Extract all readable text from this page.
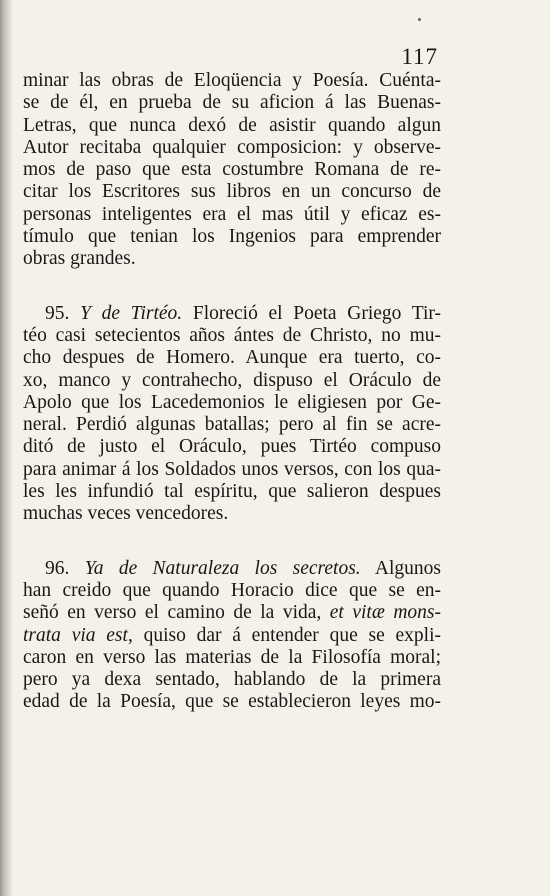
117
minar las obras de Eloqüencia y Poesía. Cuénta-
se de él, en prueba de su aficion á las Buenas-
Letras, que nunca dexó de asistir quando algun
Autor recitaba qualquier composicion: y observe-
mos de paso que esta costumbre Romana de re-
citar los Escritores sus libros en un concurso de
personas inteligentes era el mas útil y eficaz es-
tímulo que tenian los Ingenios para emprender
obras grandes.
95. Y de Tirtéo. Floreció el Poeta Griego Tir-
téo casi setecientos años ántes de Christo, no mu-
cho despues de Homero. Aunque era tuerto, co-
xo, manco y contrahecho, dispuso el Oráculo de
Apolo que los Lacedemonios le eligiesen por Ge-
neral. Perdió algunas batallas; pero al fin se acre-
ditó de justo el Oráculo, pues Tirtéo compuso
para animar á los Soldados unos versos, con los qua-
les les infundió tal espíritu, que salieron despues
muchas veces vencedores.
96. Ya de Naturaleza los secretos. Algunos
han creido que quando Horacio dice que se en-
señó en verso el camino de la vida, et vitæ mons-
trata via est, quiso dar á entender que se expli-
caron en verso las materias de la Filosofía moral;
pero ya dexa sentado, hablando de la primera
edad de la Poesía, que se establecieron leyes mo-
